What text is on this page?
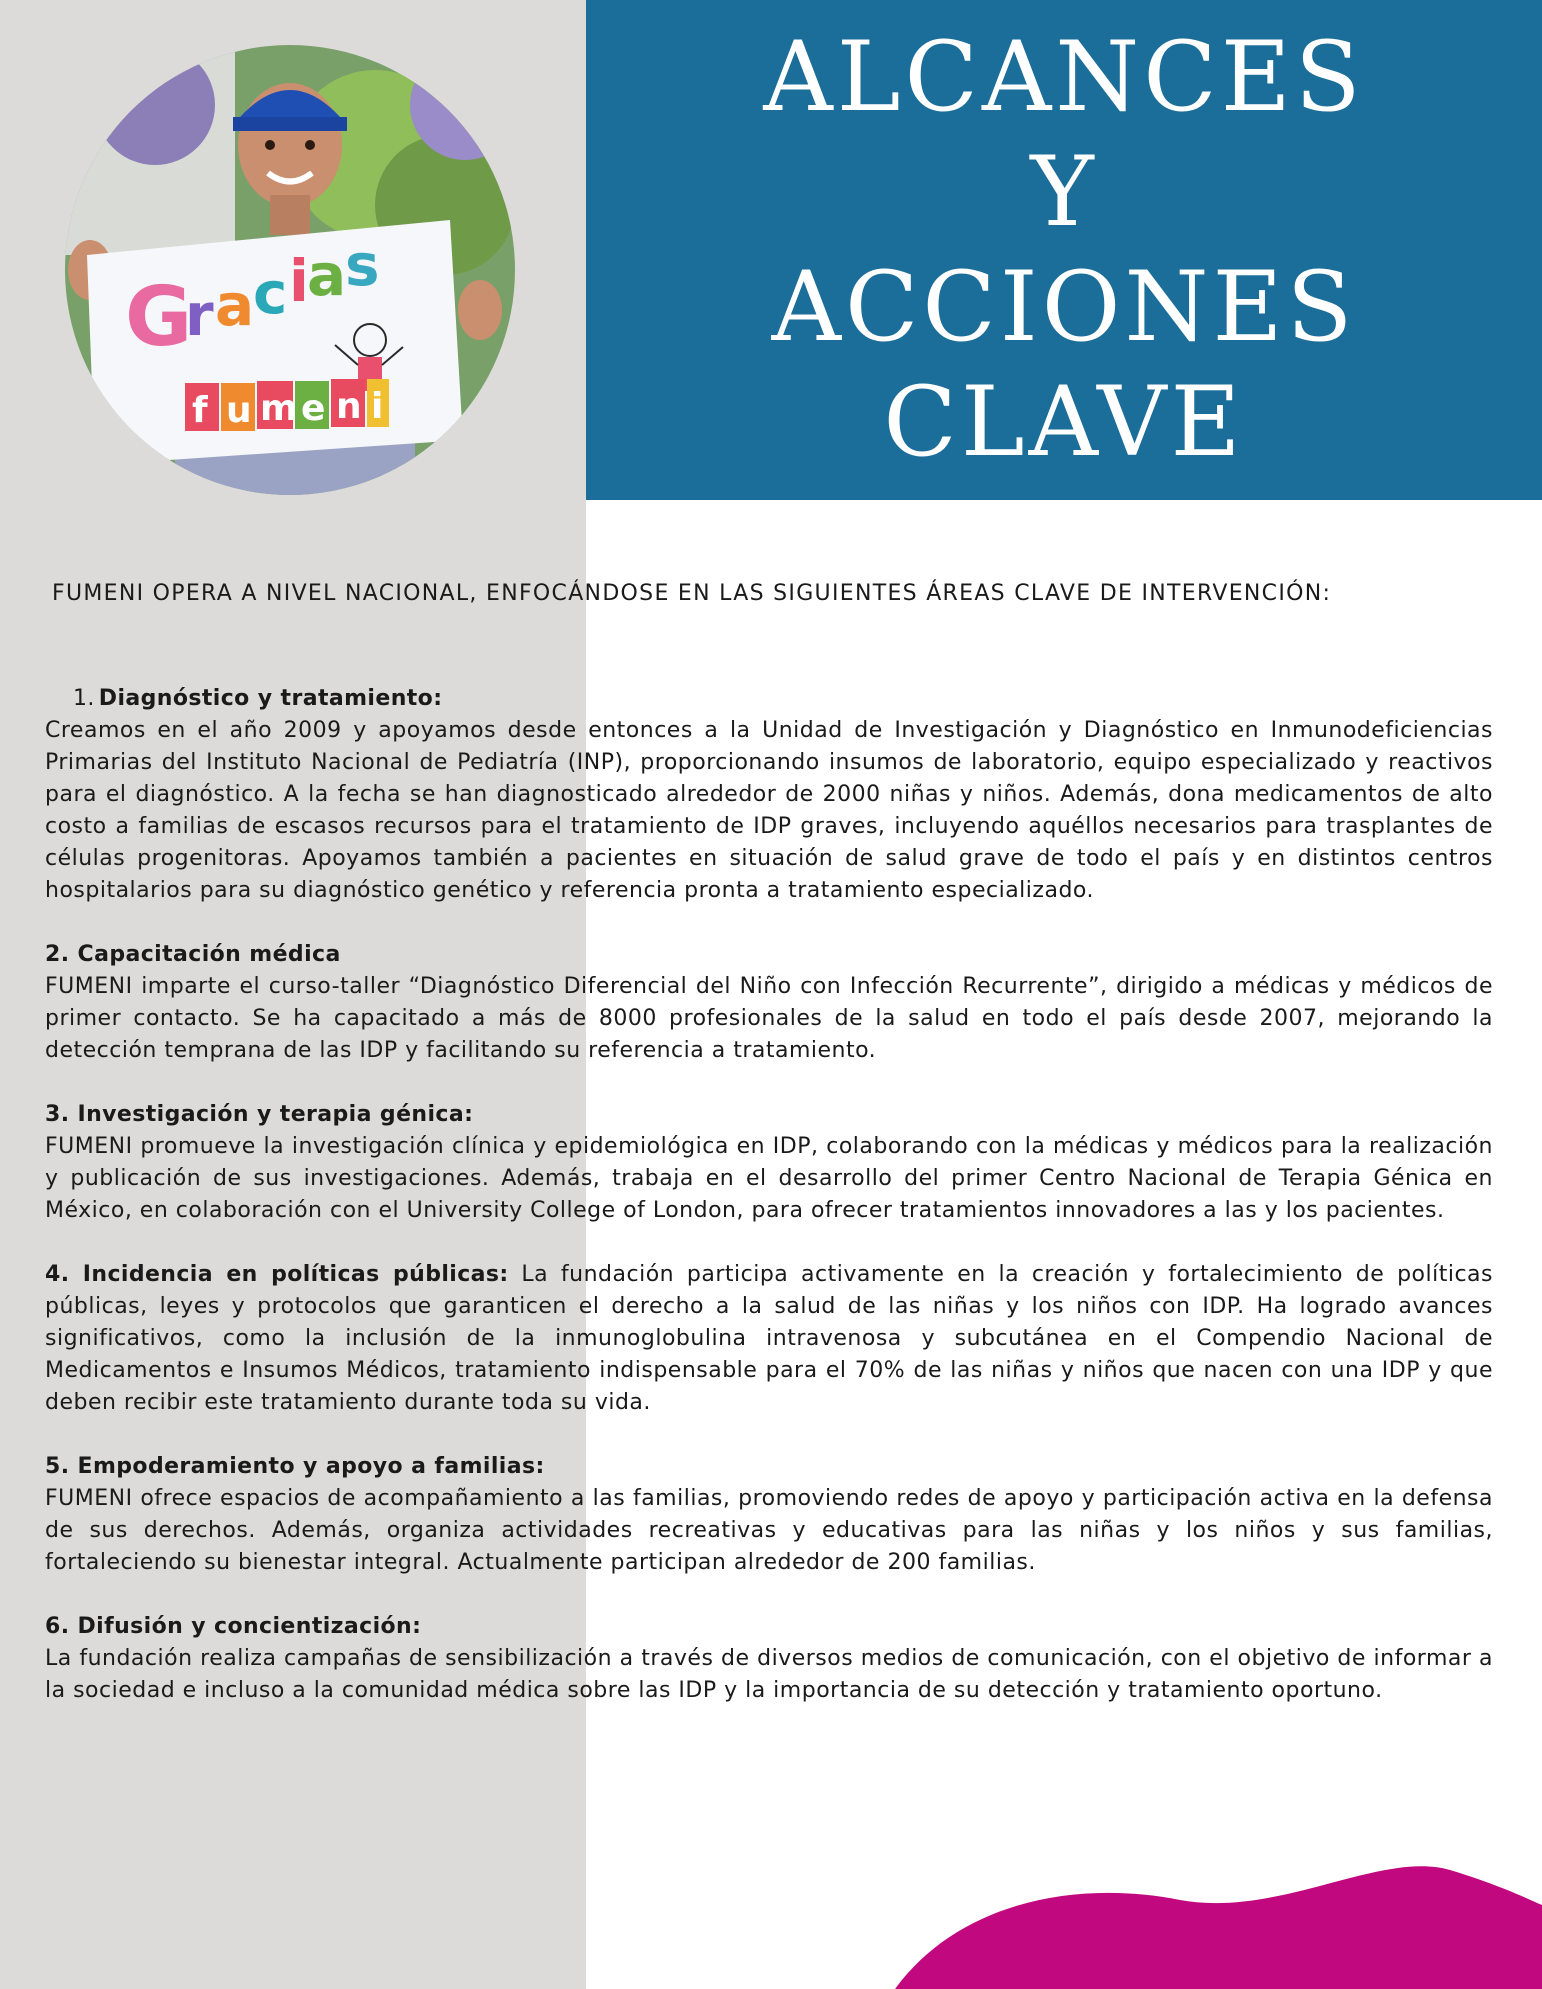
ALCANCES
Y
ACCIONES
CLAVE
G
r a
c i
a
s
f u m e n i

FUMENI OPERA A NIVEL NACIONAL, ENFOCÁNDOSE EN LAS SIGUIENTES ÁREAS CLAVE DE INTERVENCIÓN:

1. Diagnóstico y tratamiento:
Creamos en el año 2009 y apoyamos desde entonces a la Unidad de Investigación y Diagnóstico en Inmunodeficiencias Primarias del Instituto Nacional de Pediatría (INP), proporcionando insumos de laboratorio, equipo especializado y reactivos para el diagnóstico. A la fecha se han diagnosticado alrededor de 2000 niñas y niños. Además, dona medicamentos de alto costo a familias de escasos recursos para el tratamiento de IDP graves, incluyendo aquéllos necesarios para trasplantes de células progenitoras. Apoyamos también a pacientes en situación de salud grave de todo el país y en distintos centros hospitalarios para su diagnóstico genético y referencia pronta a tratamiento especializado.
2. Capacitación médica
FUMENI imparte el curso-taller “Diagnóstico Diferencial del Niño con Infección Recurrente”, dirigido a médicas y médicos de primer contacto. Se ha capacitado a más de 8000 profesionales de la salud en todo el país desde 2007, mejorando la detección temprana de las IDP y facilitando su referencia a tratamiento.
3. Investigación y terapia génica:
FUMENI promueve la investigación clínica y epidemiológica en IDP, colaborando con la médicas y médicos para la realización y publicación de sus investigaciones. Además, trabaja en el desarrollo del primer Centro Nacional de Terapia Génica en México, en colaboración con el University College of London, para ofrecer tratamientos innovadores a las y los pacientes.
4. Incidencia en políticas públicas: La fundación participa activamente en la creación y fortalecimiento de políticas públicas, leyes y protocolos que garanticen el derecho a la salud de las niñas y los niños con IDP. Ha logrado avances significativos, como la inclusión de la inmunoglobulina intravenosa y subcutánea en el Compendio Nacional de Medicamentos e Insumos Médicos, tratamiento indispensable para el 70% de las niñas y niños que nacen con una IDP y que deben recibir este tratamiento durante toda su vida.
5. Empoderamiento y apoyo a familias:
FUMENI ofrece espacios de acompañamiento a las familias, promoviendo redes de apoyo y participación activa en la defensa de sus derechos. Además, organiza actividades recreativas y educativas para las niñas y los niños y sus familias, fortaleciendo su bienestar integral. Actualmente participan alrededor de 200 familias.
6. Difusión y concientización:
La fundación realiza campañas de sensibilización a través de diversos medios de comunicación, con el objetivo de informar a la sociedad e incluso a la comunidad médica sobre las IDP y la importancia de su detección y tratamiento oportuno.
